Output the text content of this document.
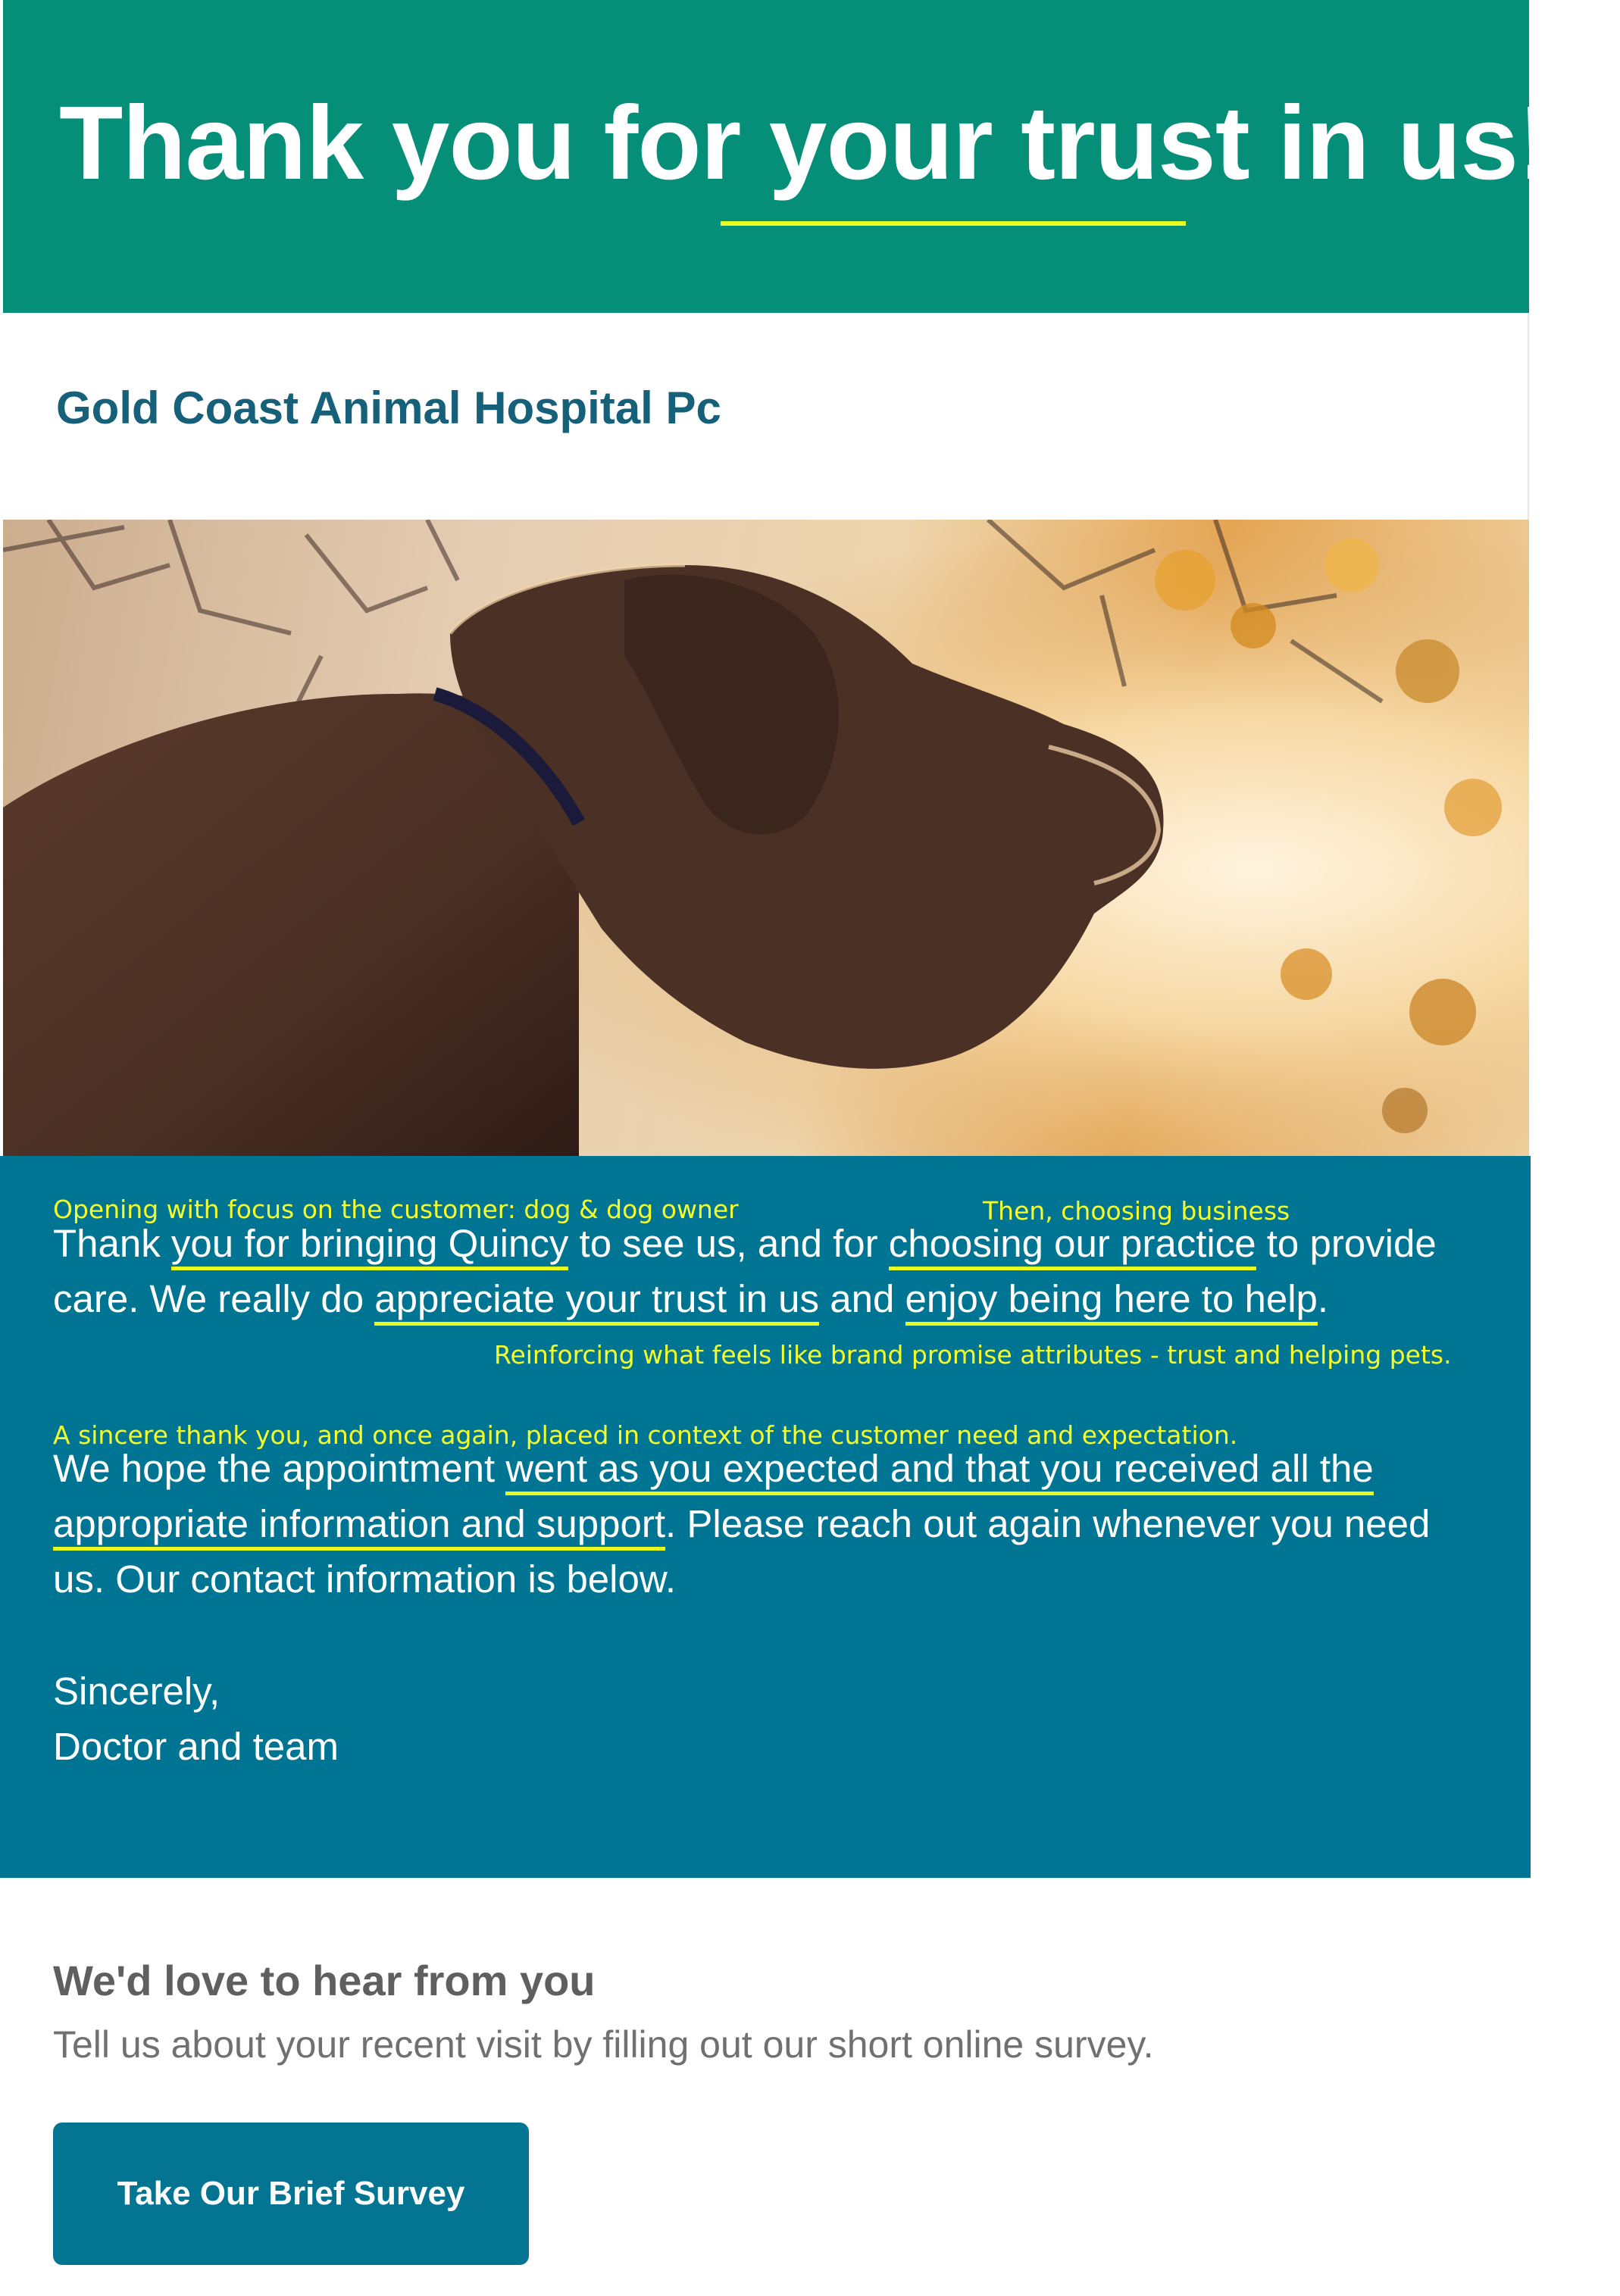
Thank you for your trust in us!
Gold Coast Animal Hospital Pc

Opening with focus on the customer: dog & dog owner	Then, choosing business

Thank you for bringing Quincy to see us, and for choosing our practice to provide care. We really do appreciate your trust in us and enjoy being here to help.

Reinforcing what feels like brand promise attributes - trust and helping pets.

A sincere thank you, and once again, placed in context of the customer need and expectation.

We hope the appointment went as you expected and that you received all the appropriate information and support. Please reach out again whenever you need us. Our contact information is below.

Sincerely,
Doctor and team

We'd love to hear from you

Tell us about your recent visit by filling out our short online survey.

Take Our Brief Survey
